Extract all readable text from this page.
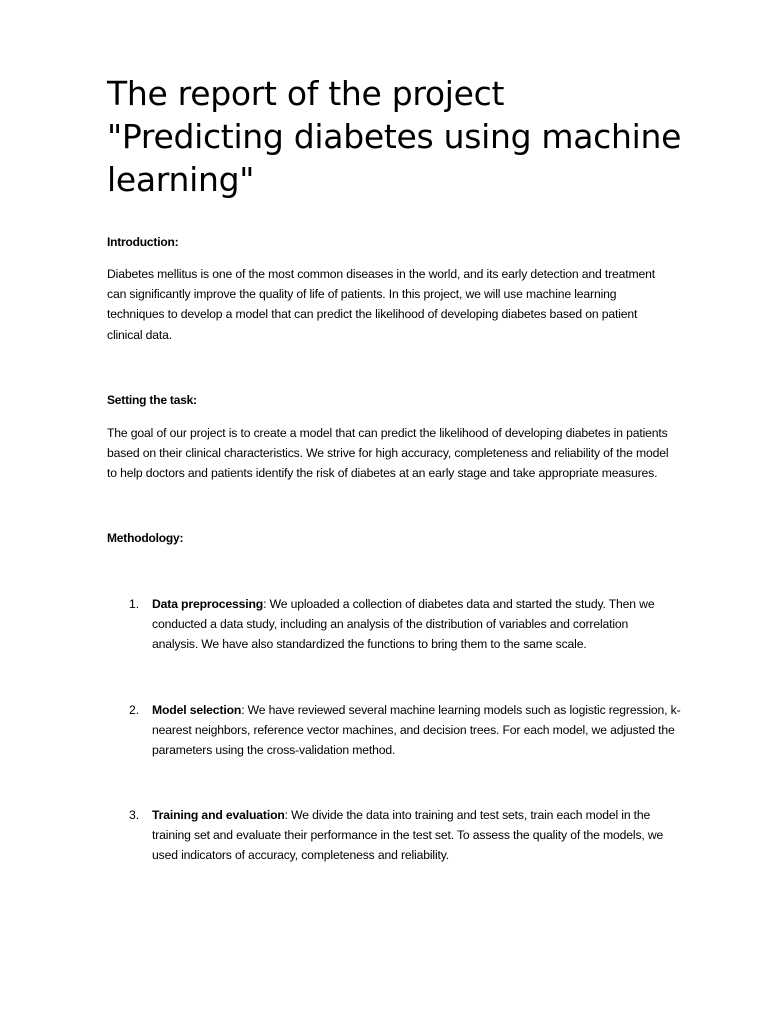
The report of the project
"Predicting diabetes using machine
learning"
Introduction:

Diabetes mellitus is one of the most common diseases in the world, and its early detection and treatment
can significantly improve the quality of life of patients. In this project, we will use machine learning
techniques to develop a model that can predict the likelihood of developing diabetes based on patient
clinical data.

Setting the task:

The goal of our project is to create a model that can predict the likelihood of developing diabetes in patients
based on their clinical characteristics. We strive for high accuracy, completeness and reliability of the model
to help doctors and patients identify the risk of diabetes at an early stage and take appropriate measures.

Methodology:
1. Data preprocessing: We uploaded a collection of diabetes data and started the study. Then we
conducted a data study, including an analysis of the distribution of variables and correlation
analysis. We have also standardized the functions to bring them to the same scale.
2. Model selection: We have reviewed several machine learning models such as logistic regression, k-
nearest neighbors, reference vector machines, and decision trees. For each model, we adjusted the
parameters using the cross-validation method.
3. Training and evaluation: We divide the data into training and test sets, train each model in the
training set and evaluate their performance in the test set. To assess the quality of the models, we
used indicators of accuracy, completeness and reliability.
